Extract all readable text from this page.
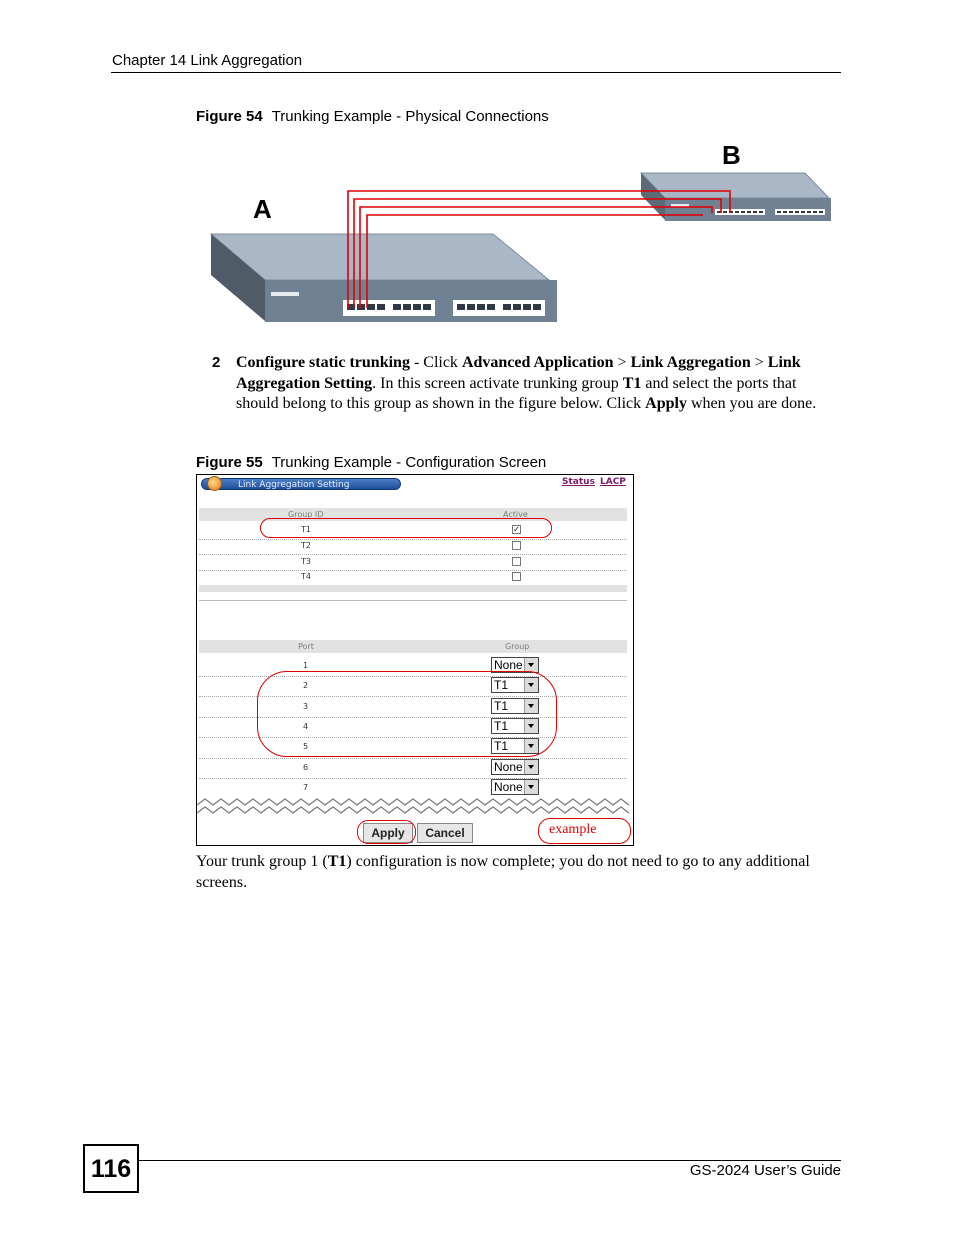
Chapter 14 Link Aggregation
Figure 54 Trunking Example - Physical Connections
B
A
2 Configure static trunking - Click Advanced Application > Link Aggregation > Link Aggregation Setting. In this screen activate trunking group T1 and select the ports that should belong to this group as shown in the figure below. Click Apply when you are done.
Figure 55 Trunking Example - Configuration Screen
Link Aggregation Setting	Status LACP
Group ID	Active
T1	✓
T2
T3
T4
Port	Group
1	None
2	T1
3	T1
4	T1
5	T1
6	None
7	None
Apply	Cancel	example
Your trunk group 1 (T1) configuration is now complete; you do not need to go to any additional screens.
116	GS-2024 User’s Guide
